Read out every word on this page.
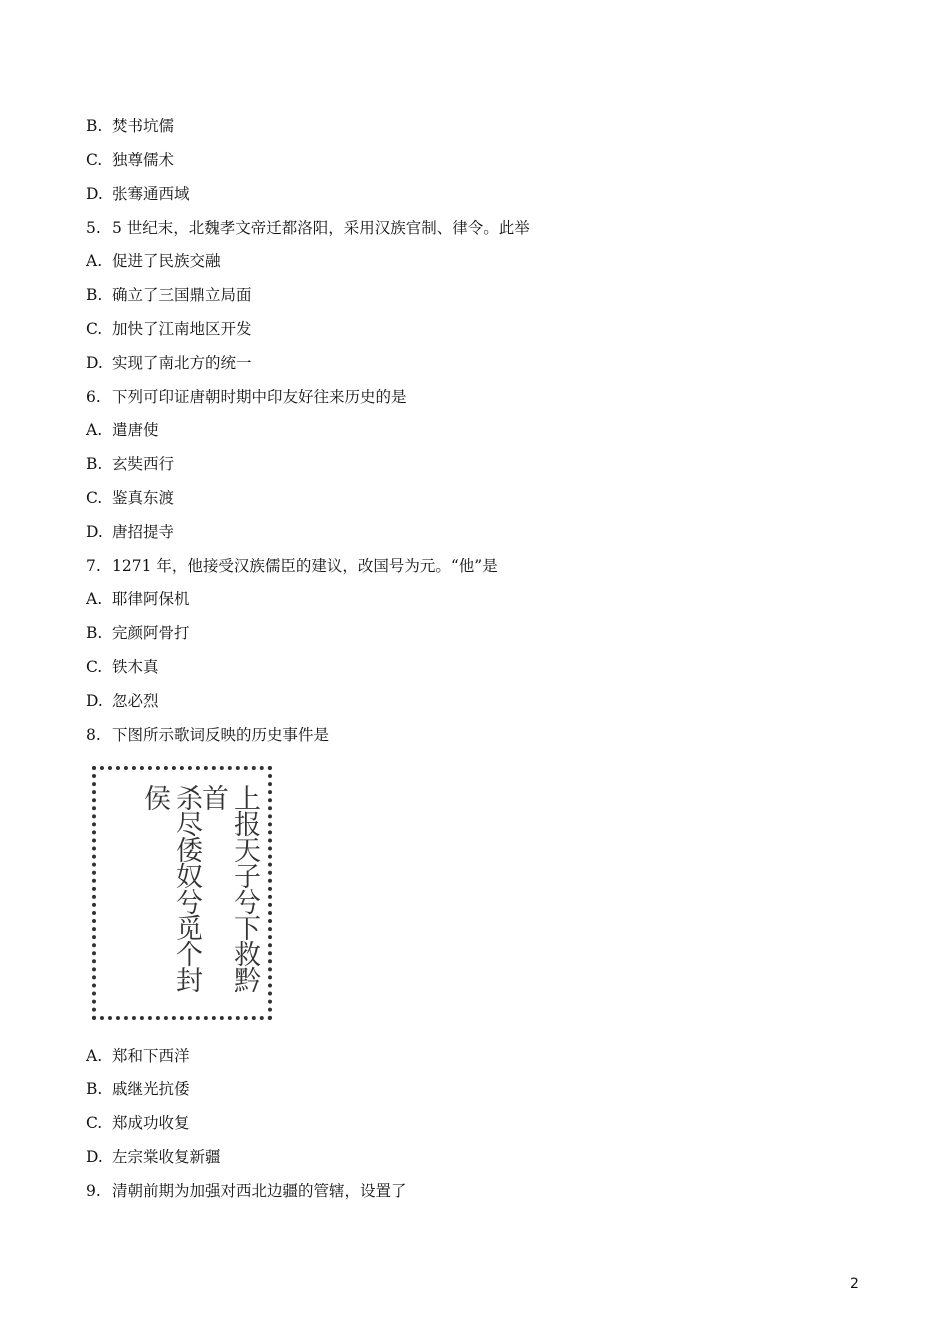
B. 焚书坑儒
C. 独尊儒术
D. 张骞通西域
5. 5 世纪末，北魏孝文帝迁都洛阳，采用汉族官制、律令。此举
A. 促进了民族交融
B. 确立了三国鼎立局面
C. 加快了江南地区开发
D. 实现了南北方的统一
6. 下列可印证唐朝时期中印友好往来历史的是
A. 遣唐使
B. 玄奘西行
C. 鉴真东渡
D. 唐招提寺
7. 1271 年，他接受汉族儒臣的建议，改国号为元。“他”是
A. 耶律阿保机
B. 完颜阿骨打
C. 铁木真
D. 忽必烈
8. 下图所示歌词反映的历史事件是
上报天子兮下救黔首
杀尽倭奴兮觅个封侯
A. 郑和下西洋
B. 戚继光抗倭
C. 郑成功收复
D. 左宗棠收复新疆
9. 清朝前期为加强对西北边疆的管辖，设置了
2
